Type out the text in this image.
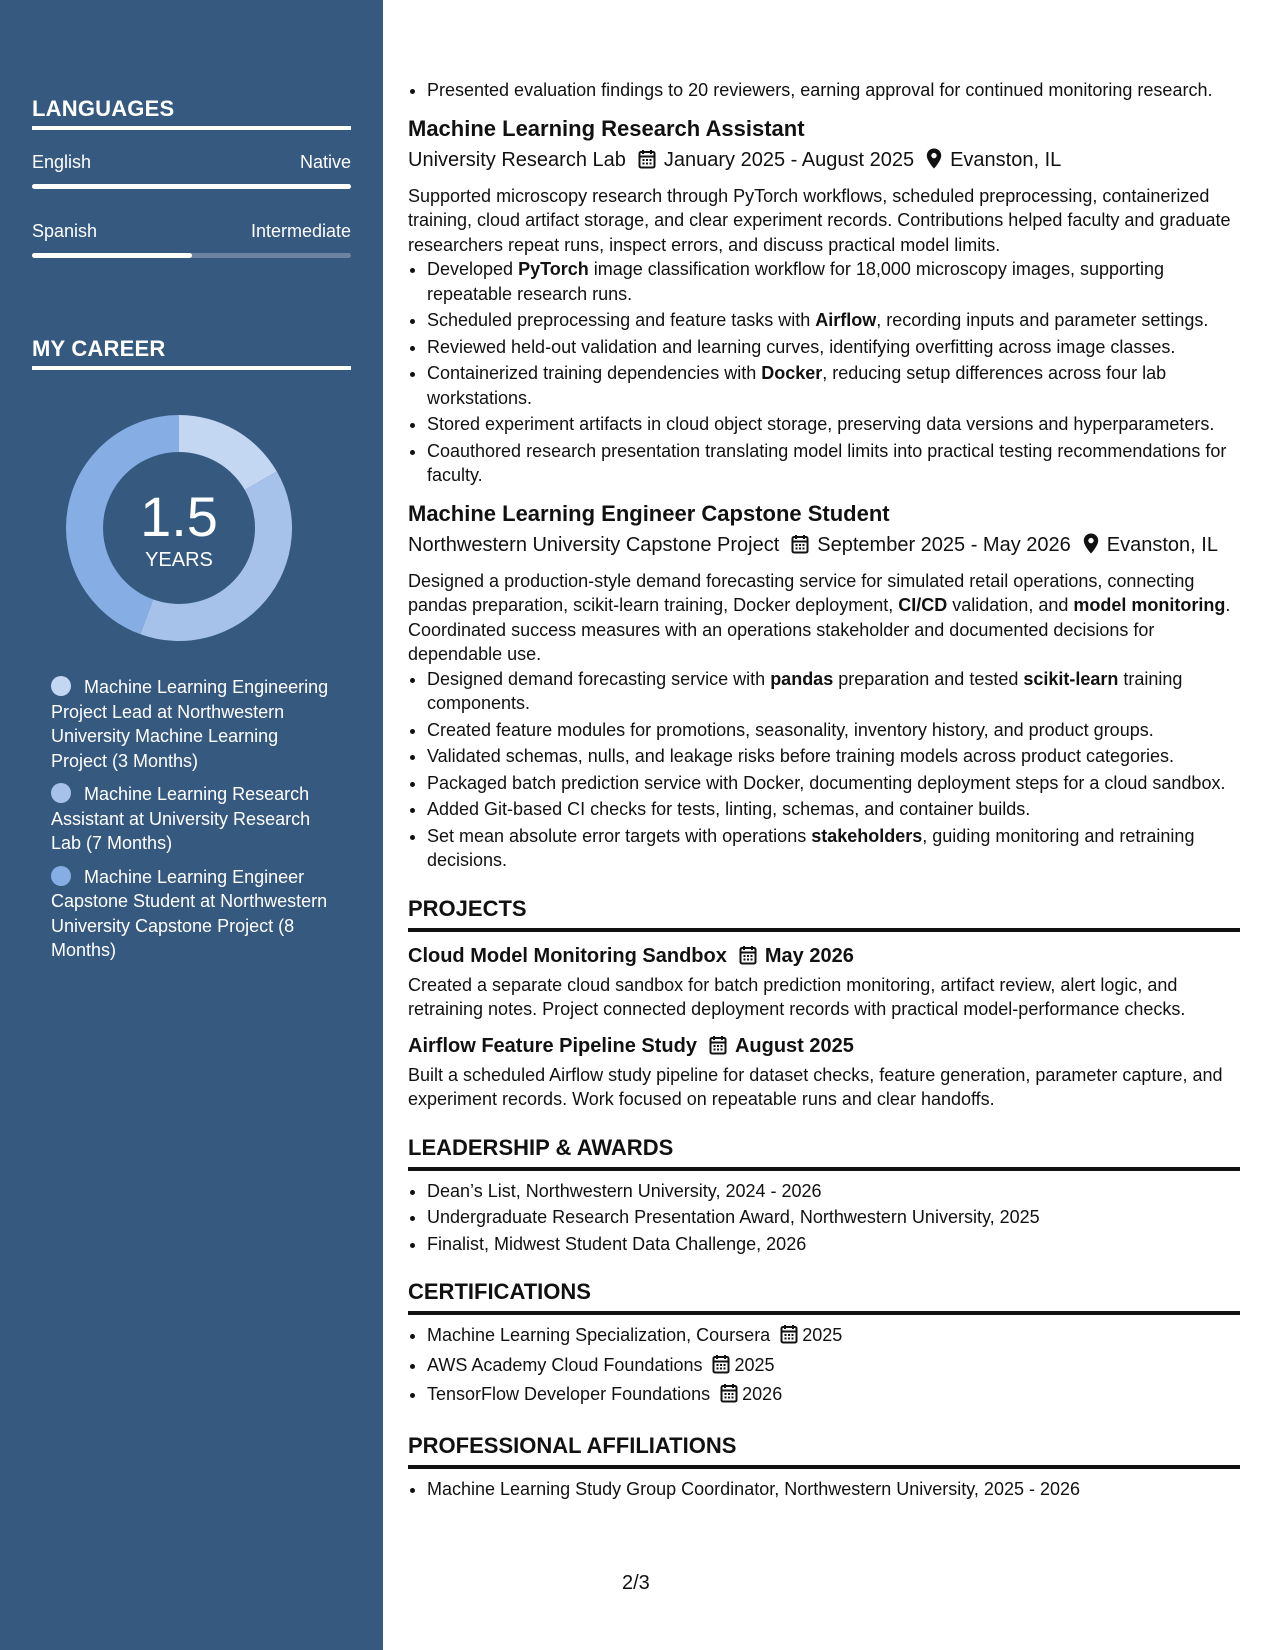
LANGUAGES
English	Native
Spanish	Intermediate
MY CAREER
1.5
YEARS
Machine Learning Engineering Project Lead at Northwestern University Machine Learning Project (3 Months)
Machine Learning Research Assistant at University Research Lab (7 Months)
Machine Learning Engineer Capstone Student at Northwestern University Capstone Project (8 Months)
• Presented evaluation findings to 20 reviewers, earning approval for continued monitoring research.
Machine Learning Research Assistant
University Research Lab January 2025 - August 2025 Evanston, IL
Supported microscopy research through PyTorch workflows, scheduled preprocessing, containerized training, cloud artifact storage, and clear experiment records. Contributions helped faculty and graduate researchers repeat runs, inspect errors, and discuss practical model limits.
• Developed PyTorch image classification workflow for 18,000 microscopy images, supporting repeatable research runs.
• Scheduled preprocessing and feature tasks with Airflow, recording inputs and parameter settings.
• Reviewed held-out validation and learning curves, identifying overfitting across image classes.
• Containerized training dependencies with Docker, reducing setup differences across four lab workstations.
• Stored experiment artifacts in cloud object storage, preserving data versions and hyperparameters.
• Coauthored research presentation translating model limits into practical testing recommendations for faculty.
Machine Learning Engineer Capstone Student
Northwestern University Capstone Project September 2025 - May 2026 Evanston, IL
Designed a production-style demand forecasting service for simulated retail operations, connecting pandas preparation, scikit-learn training, Docker deployment, CI/CD validation, and model monitoring. Coordinated success measures with an operations stakeholder and documented decisions for dependable use.
• Designed demand forecasting service with pandas preparation and tested scikit-learn training components.
• Created feature modules for promotions, seasonality, inventory history, and product groups.
• Validated schemas, nulls, and leakage risks before training models across product categories.
• Packaged batch prediction service with Docker, documenting deployment steps for a cloud sandbox.
• Added Git-based CI checks for tests, linting, schemas, and container builds.
• Set mean absolute error targets with operations stakeholders, guiding monitoring and retraining decisions.
PROJECTS
Cloud Model Monitoring Sandbox May 2026
Created a separate cloud sandbox for batch prediction monitoring, artifact review, alert logic, and retraining notes. Project connected deployment records with practical model-performance checks.
Airflow Feature Pipeline Study August 2025
Built a scheduled Airflow study pipeline for dataset checks, feature generation, parameter capture, and experiment records. Work focused on repeatable runs and clear handoffs.
LEADERSHIP & AWARDS
• Dean’s List, Northwestern University, 2024 - 2026
• Undergraduate Research Presentation Award, Northwestern University, 2025
• Finalist, Midwest Student Data Challenge, 2026
CERTIFICATIONS
• Machine Learning Specialization, Coursera 2025
• AWS Academy Cloud Foundations 2025
• TensorFlow Developer Foundations 2026
PROFESSIONAL AFFILIATIONS
• Machine Learning Study Group Coordinator, Northwestern University, 2025 - 2026
2/3
